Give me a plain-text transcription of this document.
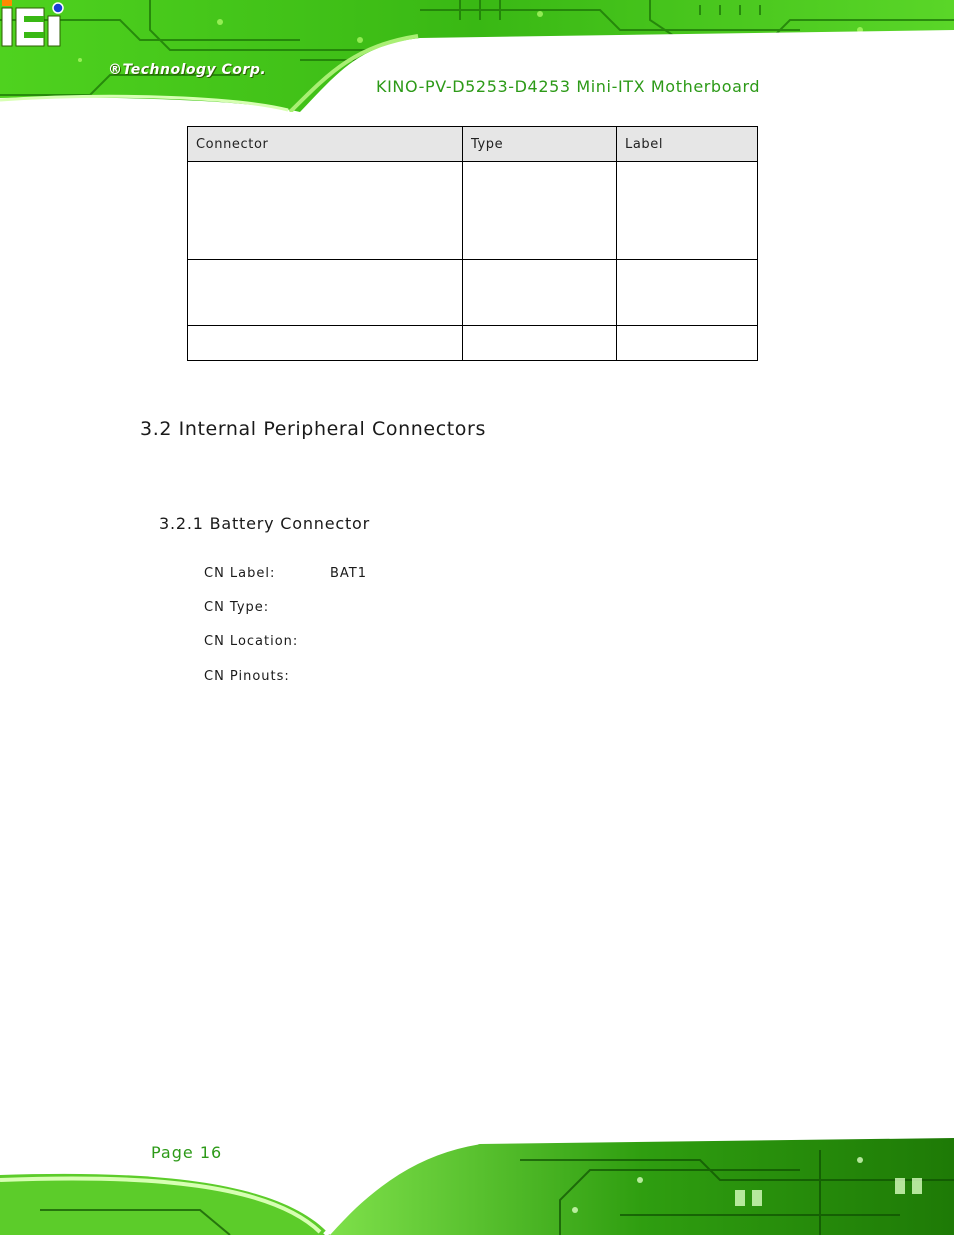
®Technology Corp.
KINO-PV-D5253-D4253 Mini-ITX Motherboard
Connector	Type	Label

3.2 Internal Peripheral Connectors
3.2.1 Battery Connector
CN Label:	BAT1
CN Type:
CN Location:
CN Pinouts:
Page 16
